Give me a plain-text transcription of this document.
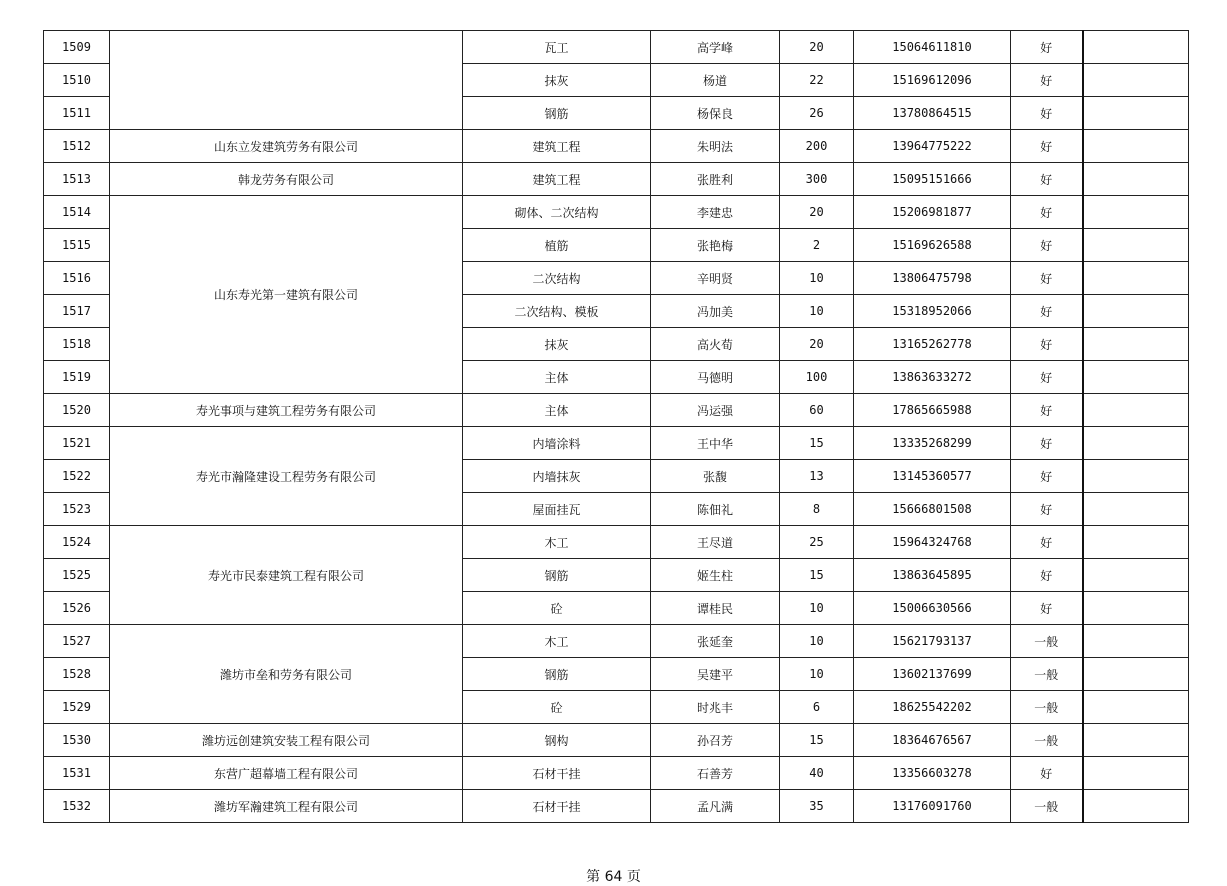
1509		瓦工	高学峰	20	15064611810	好	
1510		抹灰	杨道	22	15169612096	好	
1511		钢筋	杨保良	26	13780864515	好	
1512	山东立发建筑劳务有限公司	建筑工程	朱明法	200	13964775222	好	
1513	韩龙劳务有限公司	建筑工程	张胜利	300	15095151666	好	
1514	山东寿光第一建筑有限公司	砌体、二次结构	李建忠	20	15206981877	好	
1515		植筋	张艳梅	2	15169626588	好	
1516		二次结构	辛明贤	10	13806475798	好	
1517		二次结构、模板	冯加美	10	15318952066	好	
1518		抹灰	高火荀	20	13165262778	好	
1519		主体	马德明	100	13863633272	好	
1520	寿光事项与建筑工程劳务有限公司	主体	冯运强	60	17865665988	好	
1521	寿光市瀚隆建设工程劳务有限公司	内墙涂料	王中华	15	13335268299	好	
1522		内墙抹灰	张馥	13	13145360577	好	
1523		屋面挂瓦	陈佃礼	8	15666801508	好	
1524	寿光市民泰建筑工程有限公司	木工	王尽道	25	15964324768	好	
1525		钢筋	姬生柱	15	13863645895	好	
1526		砼	谭桂民	10	15006630566	好	
1527	潍坊市垒和劳务有限公司	木工	张延奎	10	15621793137	一般	
1528		钢筋	吴建平	10	13602137699	一般	
1529		砼	时兆丰	6	18625542202	一般	
1530	潍坊远创建筑安装工程有限公司	钢构	孙召芳	15	18364676567	一般	
1531	东营广超幕墙工程有限公司	石材干挂	石善芳	40	13356603278	好	
1532	潍坊军瀚建筑工程有限公司	石材干挂	孟凡满	35	13176091760	一般	
第 64 页
